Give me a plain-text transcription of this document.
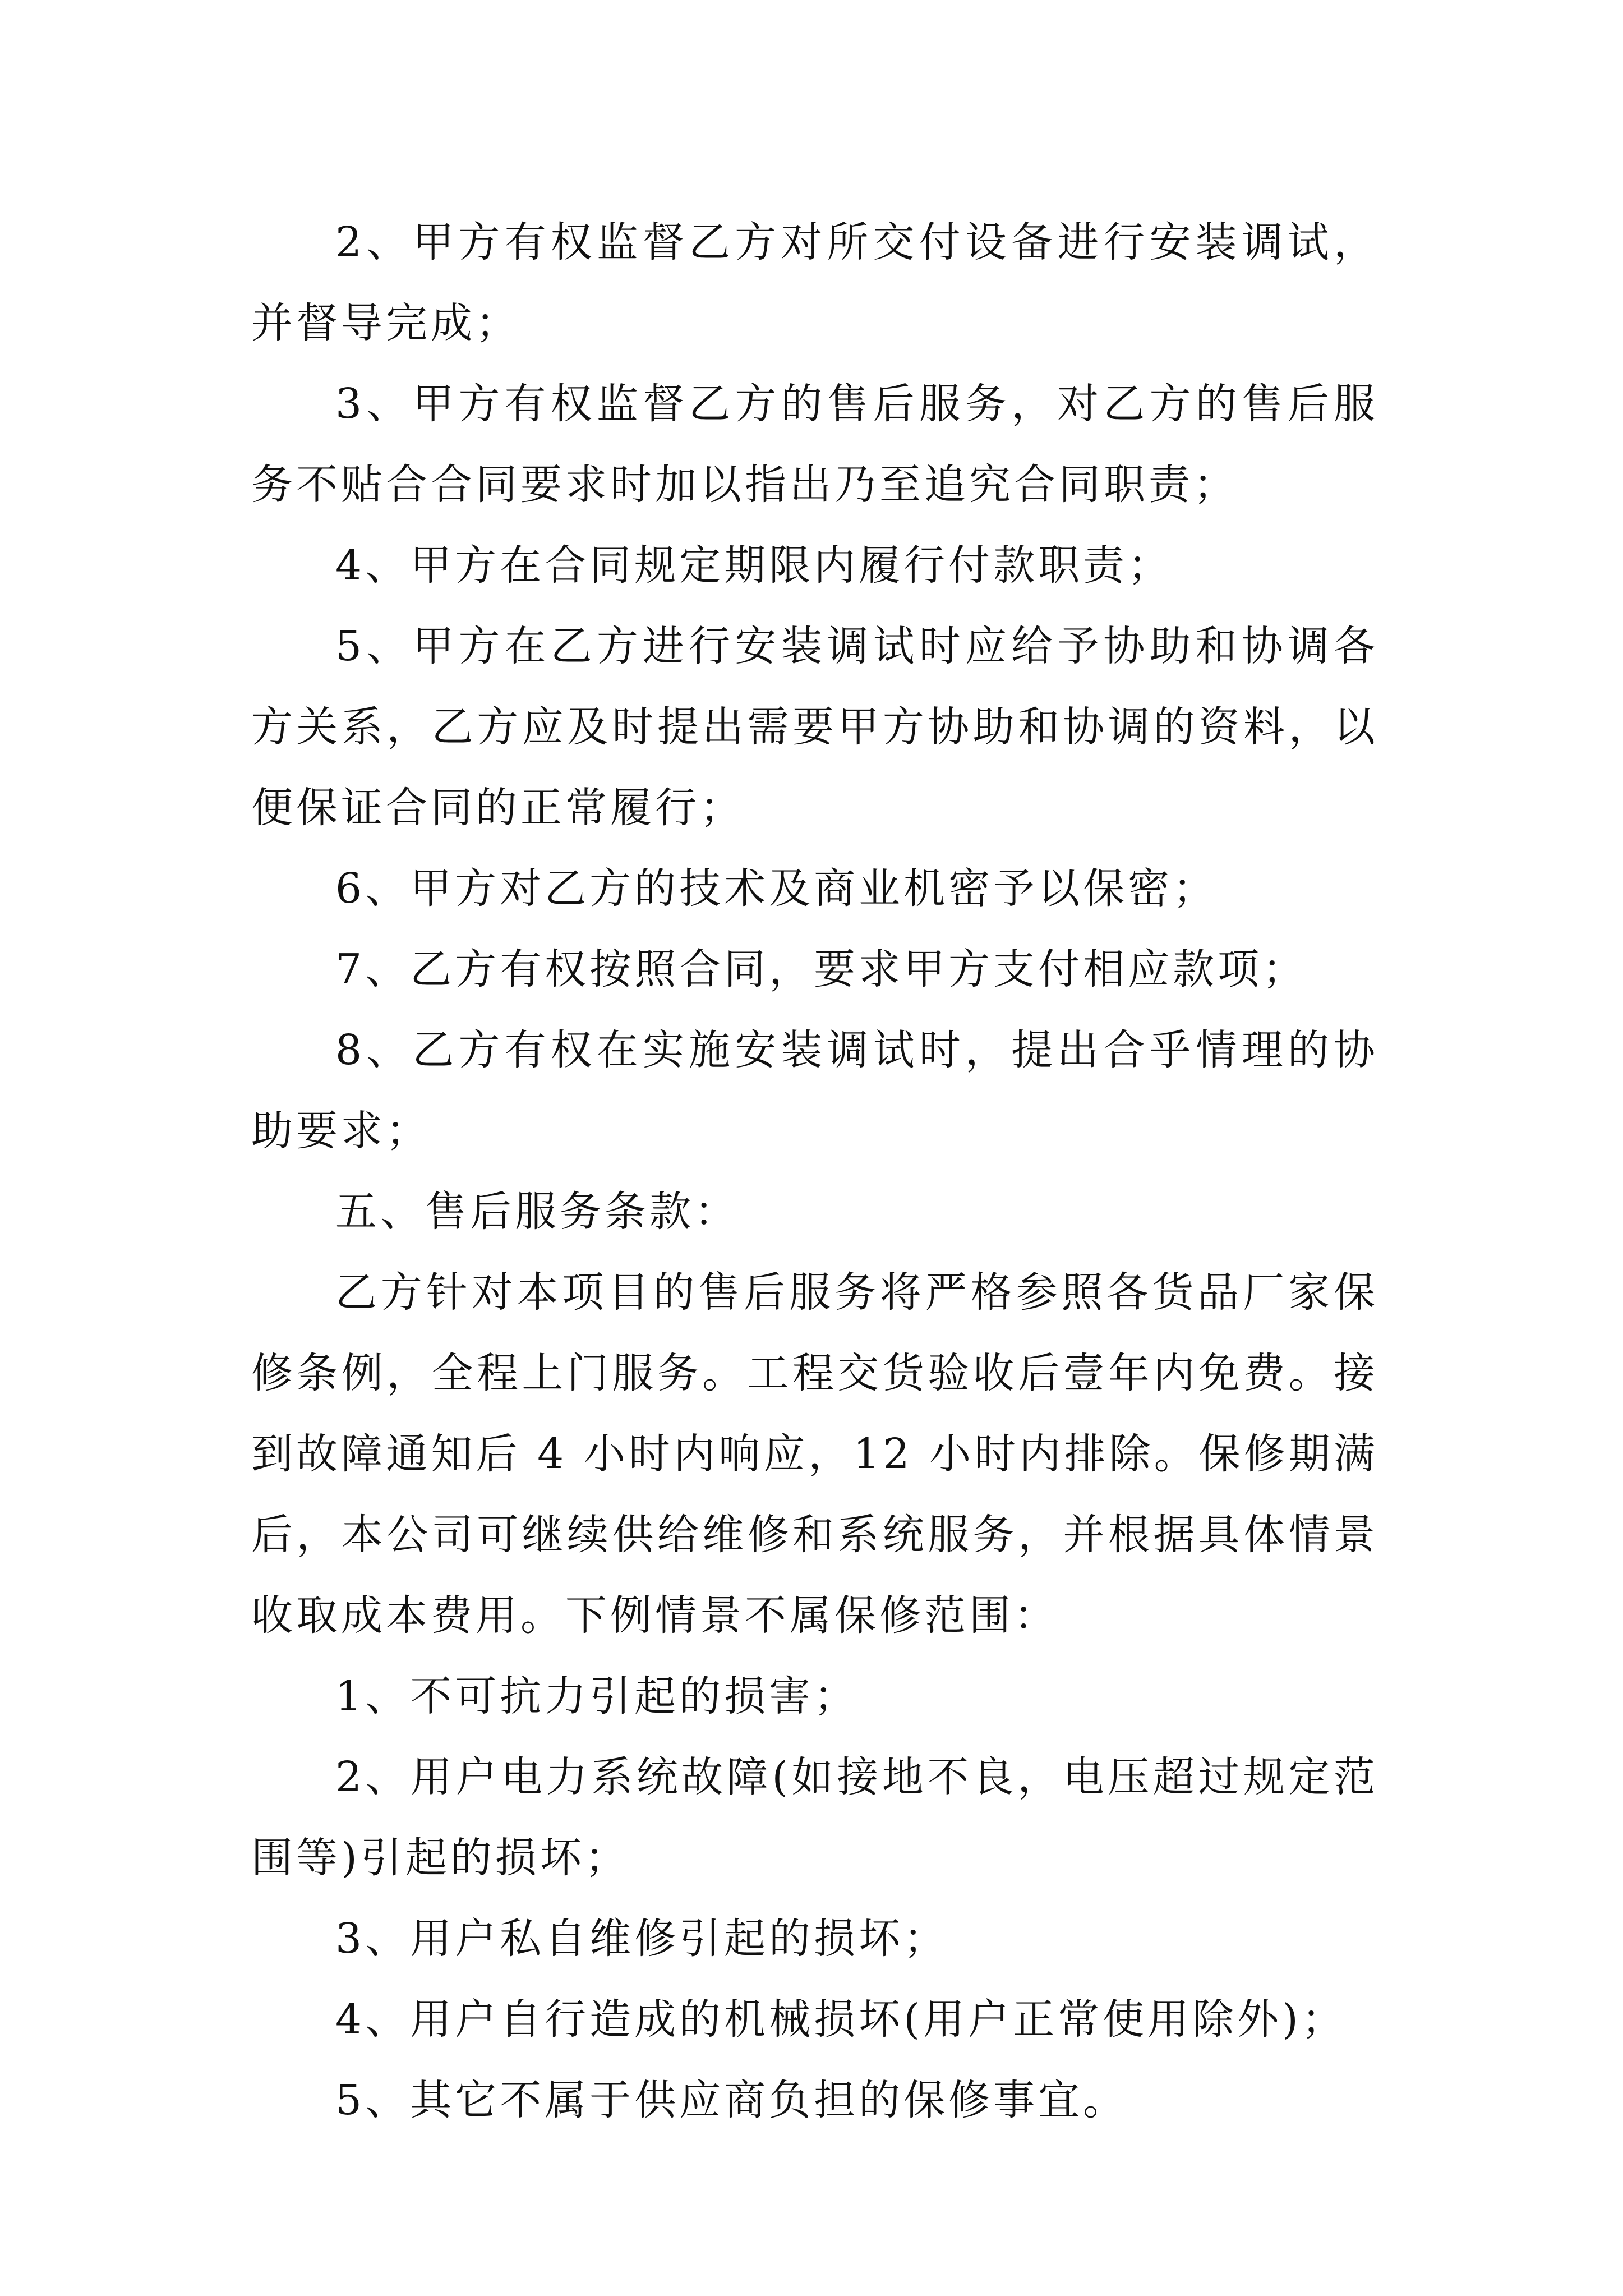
2、甲方有权监督乙方对所交付设备进行安装调试，并督导完成；

3、甲方有权监督乙方的售后服务，对乙方的售后服务不贴合合同要求时加以指出乃至追究合同职责；

4、甲方在合同规定期限内履行付款职责；

5、甲方在乙方进行安装调试时应给予协助和协调各方关系，乙方应及时提出需要甲方协助和协调的资料，以便保证合同的正常履行；

6、甲方对乙方的技术及商业机密予以保密；

7、乙方有权按照合同，要求甲方支付相应款项；

8、乙方有权在实施安装调试时，提出合乎情理的协助要求；

五、售后服务条款：

乙方针对本项目的售后服务将严格参照各货品厂家保修条例，全程上门服务。工程交货验收后壹年内免费。接到故障通知后 4 小时内响应，12 小时内排除。保修期满后，本公司可继续供给维修和系统服务，并根据具体情景收取成本费用。下例情景不属保修范围：

1、不可抗力引起的损害；

2、用户电力系统故障(如接地不良，电压超过规定范围等)引起的损坏；

3、用户私自维修引起的损坏；

4、用户自行造成的机械损坏(用户正常使用除外)；

5、其它不属于供应商负担的保修事宜。
